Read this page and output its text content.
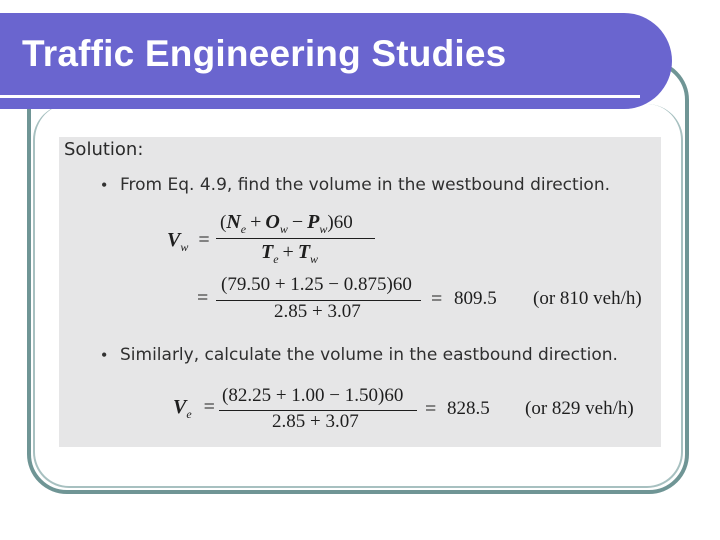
Traffic Engineering Studies
Solution:
• From Eq. 4.9, find the volume in the westbound direction.
$V_w$ =
$(N_e + O_w - P_w)60$
$T_e + T_w$
=
(79.50 + 1.25 − 0.875)60
2.85 + 3.07
= 809.5 (or 810 veh/h)
• Similarly, calculate the volume in the eastbound direction.
$V_e$ =
(82.25 + 1.00 − 1.50)60
2.85 + 3.07
= 828.5 (or 829 veh/h)
